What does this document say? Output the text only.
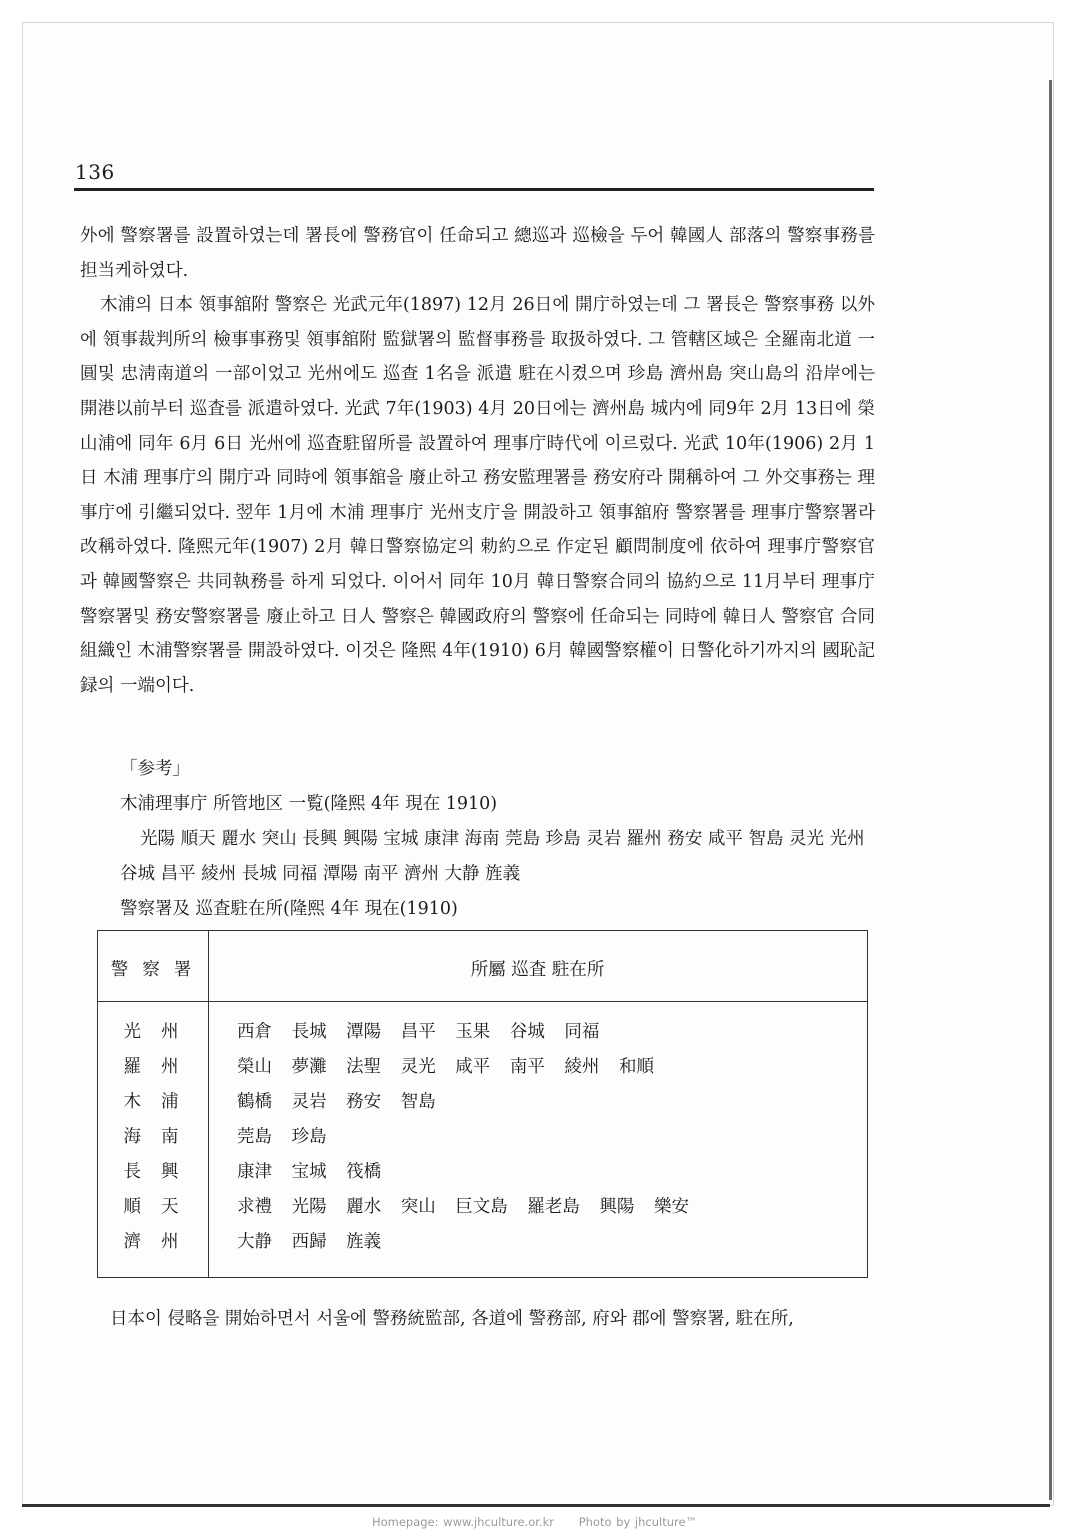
136

外에 警察署를 設置하였는데 署長에 警務官이 任命되고 總巡과 巡檢을 두어 韓國人 部落의 警察事務를 担当케하였다.

木浦의 日本 領事舘附 警察은 光武元年(1897) 12月 26日에 開庁하였는데 그 署長은 警察事務 以外에 領事裁判所의 檢事事務및 領事舘附 監獄署의 監督事務를 取扱하였다. 그 管轄区域은 全羅南北道 一圓및 忠淸南道의 一部이었고 光州에도 巡查 1名을 派遣 駐在시켰으며 珍島 濟州島 突山島의 沿岸에는 開港以前부터 巡査를 派遣하였다. 光武 7年(1903) 4月 20日에는 濟州島 城内에 同9年 2月 13日에 榮山浦에 同年 6月 6日 光州에 巡査駐留所를 設置하여 理事庁時代에 이르렀다. 光武 10年(1906) 2月 1日 木浦 理事庁의 開庁과 同時에 領事舘을 廢止하고 務安監理署를 務安府라 開稱하여 그 外交事務는 理事庁에 引繼되었다. 翌年 1月에 木浦 理事庁 光州支庁을 開設하고 領事舘府 警察署를 理事庁警察署라 改稱하였다. 隆熙元年(1907) 2月 韓日警察協定의 勅約으로 作定된 顧問制度에 依하여 理事庁警察官과 韓國警察은 共同執務를 하게 되었다. 이어서 同年 10月 韓日警察合同의 協約으로 11月부터 理事庁警察署및 務安警察署를 廢止하고 日人 警察은 韓國政府의 警察에 任命되는 同時에 韓日人 警察官 合同組織인 木浦警察署를 開設하였다. 이것은 隆熙 4年(1910) 6月 韓國警察權이 日警化하기까지의 國恥記録의 一端이다.

「参考」

木浦理事庁 所管地区 一覧(隆熙 4年 現在 1910)

光陽 順天 麗水 突山 長興 興陽 宝城 康津 海南 莞島 珍島 灵岩 羅州 務安 咸平 智島 灵光 光州 谷城 昌平 綾州 長城 同福 潭陽 南平 濟州 大静 旌義

警察署及 巡査駐在所(隆熙 4年 現在(1910)

警察署	所屬 巡査 駐在所
光州	西倉 長城 潭陽 昌平 玉果 谷城 同福
羅州	榮山 夢灘 法聖 灵光 咸平 南平 綾州 和順
木浦	鶴橋 灵岩 務安 智島
海南	莞島 珍島
長興	康津 宝城 筏橋
順天	求禮 光陽 麗水 突山 巨文島 羅老島 興陽 樂安
濟州	大静 西歸 旌義
日本이 侵略을 開始하면서 서울에 警務統監部, 各道에 警務部, 府와 郡에 警察署, 駐在所,
Homepage: www.jhculture.or.kr Photo by jhculture™
